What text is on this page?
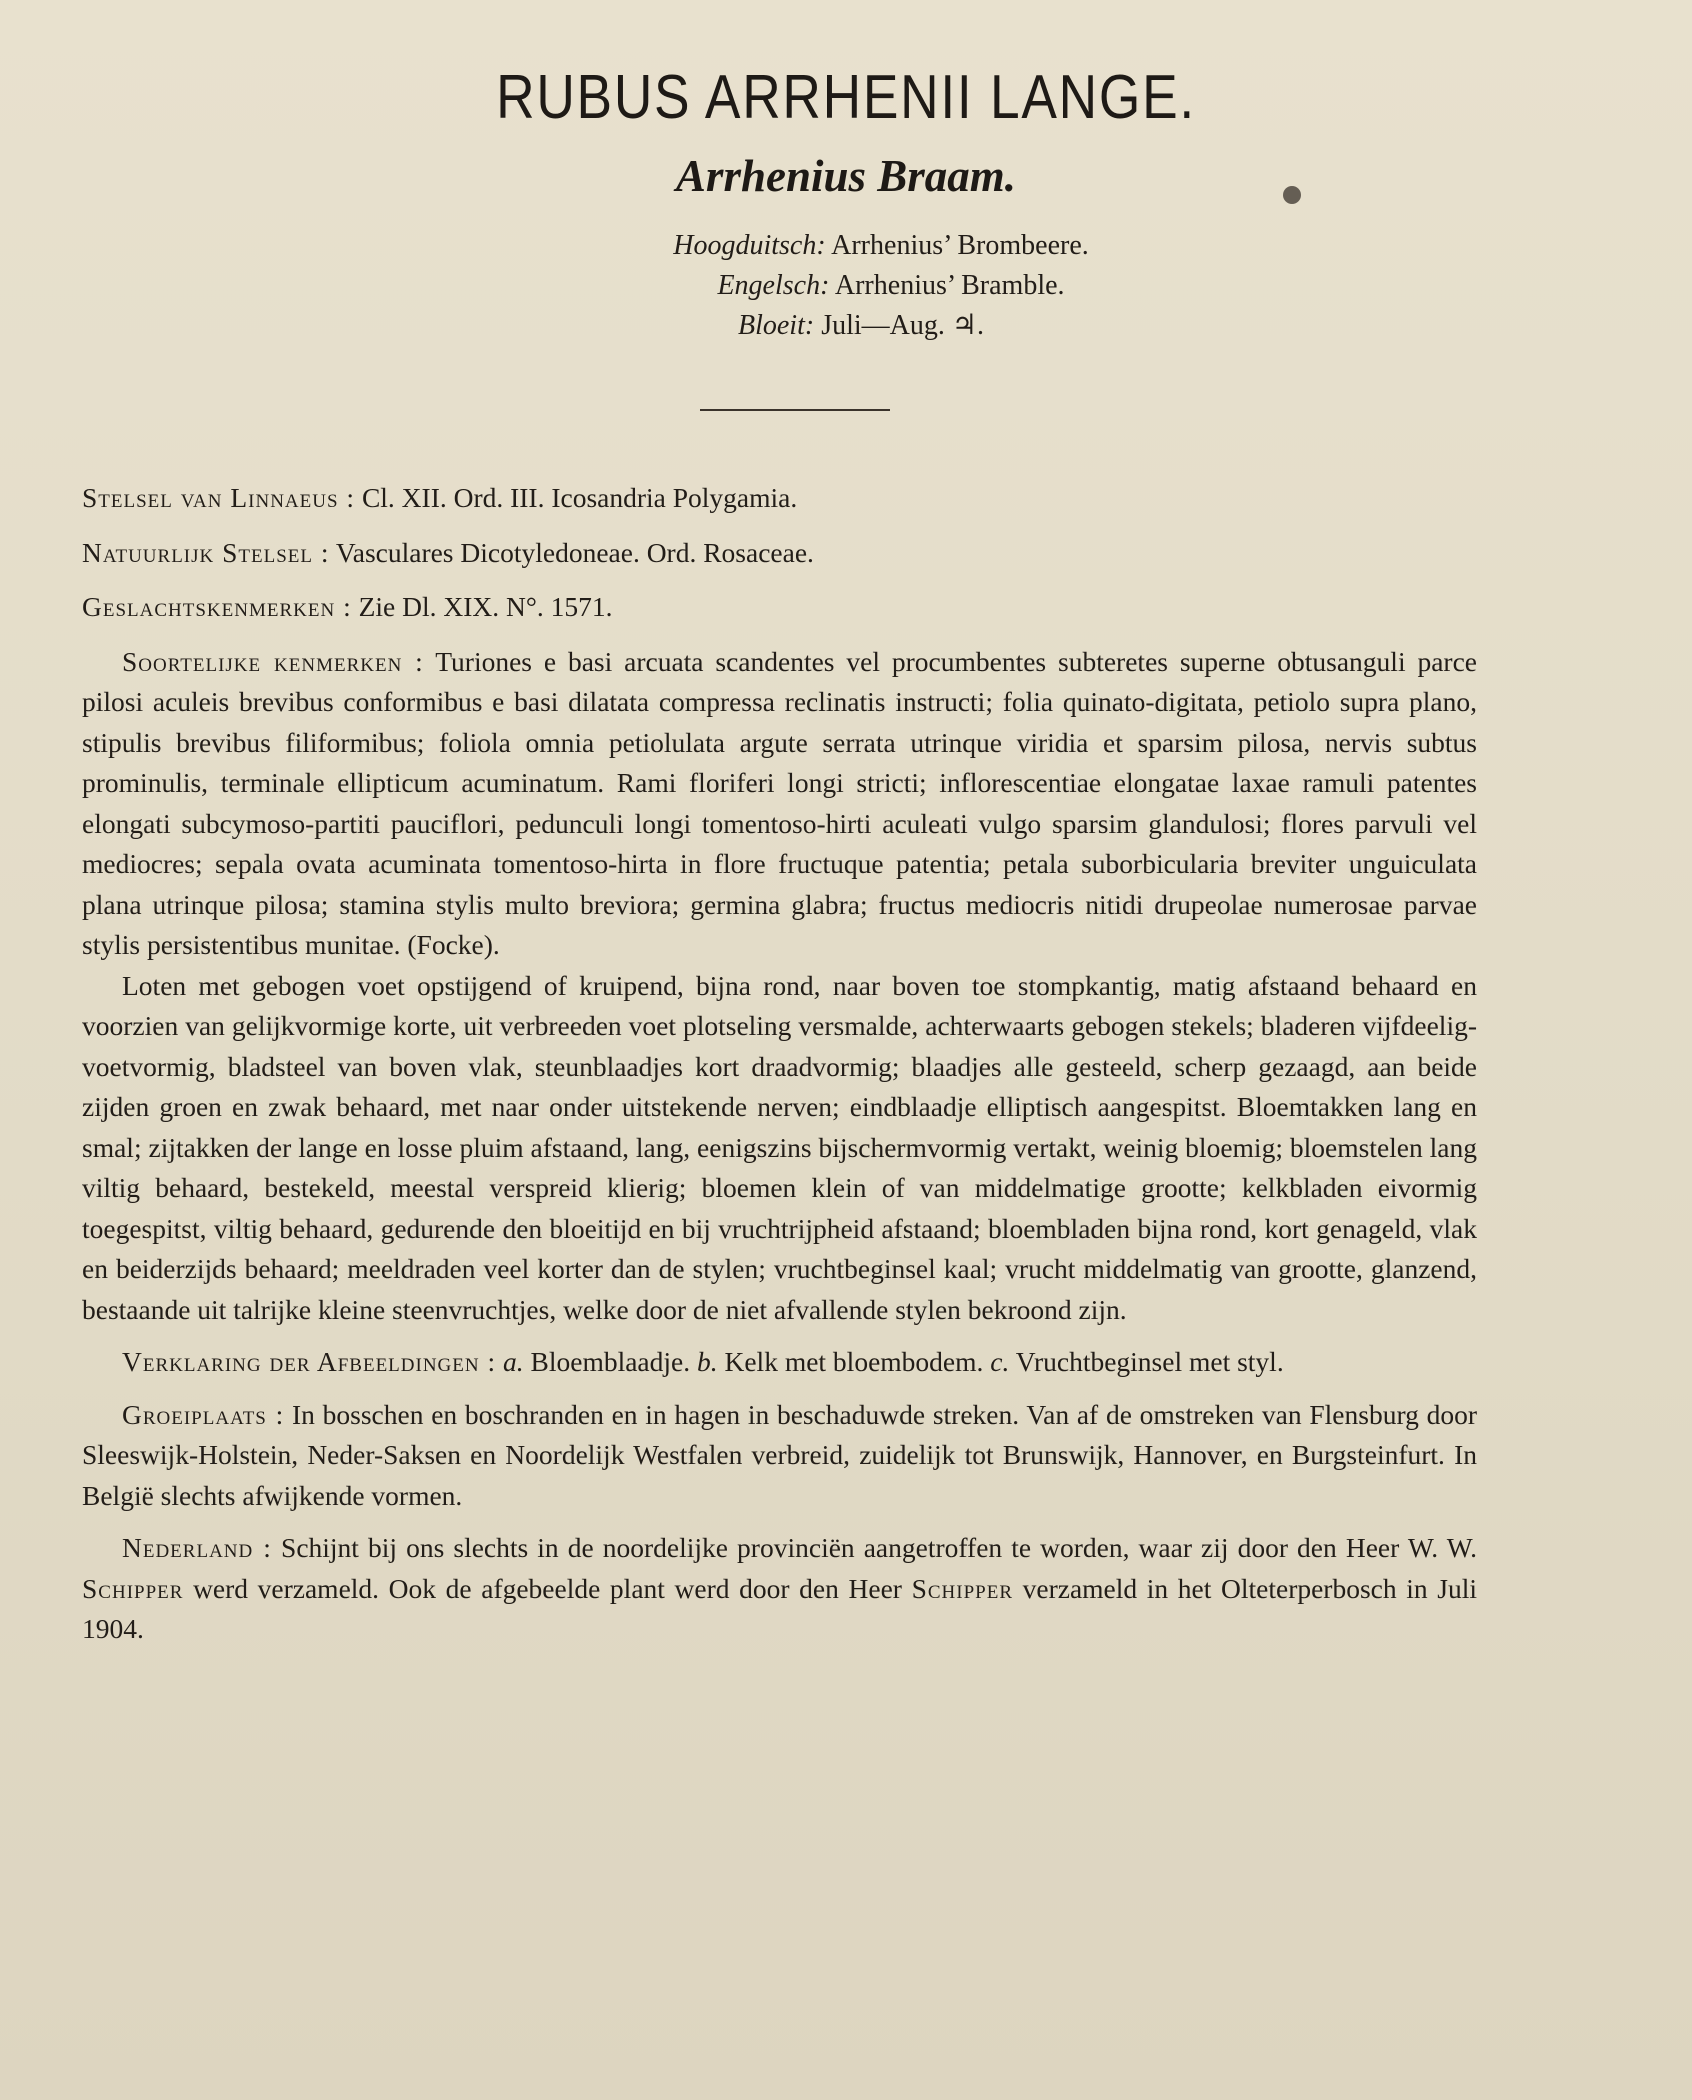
RUBUS ARRHENII LANGE.
Arrhenius Braam.
Hoogduitsch: Arrhenius’ Brombeere.
Engelsch: Arrhenius’ Bramble.
Bloeit: Juli—Aug. ♃.

Stelsel van Linnaeus : Cl. XII. Ord. III. Icosandria Polygamia.

Natuurlijk Stelsel : Vasculares Dicotyledoneae. Ord. Rosaceae.

Geslachtskenmerken : Zie Dl. XIX. N°. 1571.

Soortelijke kenmerken : Turiones e basi arcuata scandentes vel procumbentes subteretes superne obtusanguli parce pilosi aculeis brevibus conformibus e basi dilatata compressa reclinatis instructi; folia quinato-digitata, petiolo supra plano, stipulis brevibus filiformibus; foliola omnia petiolulata argute serrata utrinque viridia et sparsim pilosa, nervis subtus prominulis, terminale ellipticum acuminatum. Rami floriferi longi stricti; inflorescentiae elongatae laxae ramuli patentes elongati subcymoso-partiti pauciflori, pedunculi longi tomentoso-hirti aculeati vulgo sparsim glandulosi; flores parvuli vel mediocres; sepala ovata acuminata tomentoso-hirta in flore fructuque patentia; petala suborbicularia breviter unguiculata plana utrinque pilosa; stamina stylis multo breviora; germina glabra; fructus mediocris nitidi drupeolae numerosae parvae stylis persistentibus munitae. (Focke).

Loten met gebogen voet opstijgend of kruipend, bijna rond, naar boven toe stompkantig, matig afstaand behaard en voorzien van gelijkvormige korte, uit verbreeden voet plotseling versmalde, achterwaarts gebogen stekels; bladeren vijfdeelig-voetvormig, bladsteel van boven vlak, steunblaadjes kort draadvormig; blaadjes alle gesteeld, scherp gezaagd, aan beide zijden groen en zwak behaard, met naar onder uitstekende nerven; eindblaadje elliptisch aangespitst. Bloemtakken lang en smal; zijtakken der lange en losse pluim afstaand, lang, eenigszins bijschermvormig vertakt, weinig bloemig; bloemstelen lang viltig behaard, bestekeld, meestal verspreid klierig; bloemen klein of van middelmatige grootte; kelkbladen eivormig toegespitst, viltig behaard, gedurende den bloeitijd en bij vruchtrijpheid afstaand; bloembladen bijna rond, kort genageld, vlak en beiderzijds behaard; meeldraden veel korter dan de stylen; vruchtbeginsel kaal; vrucht middelmatig van grootte, glanzend, bestaande uit talrijke kleine steenvruchtjes, welke door de niet afvallende stylen bekroond zijn.

Verklaring der Afbeeldingen : a. Bloemblaadje. b. Kelk met bloembodem. c. Vruchtbeginsel met styl.

Groeiplaats : In bosschen en boschranden en in hagen in beschaduwde streken. Van af de omstreken van Flensburg door Sleeswijk-Holstein, Neder-Saksen en Noordelijk Westfalen verbreid, zuidelijk tot Brunswijk, Hannover, en Burgsteinfurt. In België slechts afwijkende vormen.

Nederland : Schijnt bij ons slechts in de noordelijke provinciën aangetroffen te worden, waar zij door den Heer W. W. Schipper werd verzameld. Ook de afgebeelde plant werd door den Heer Schipper verzameld in het Olteterperbosch in Juli 1904.
